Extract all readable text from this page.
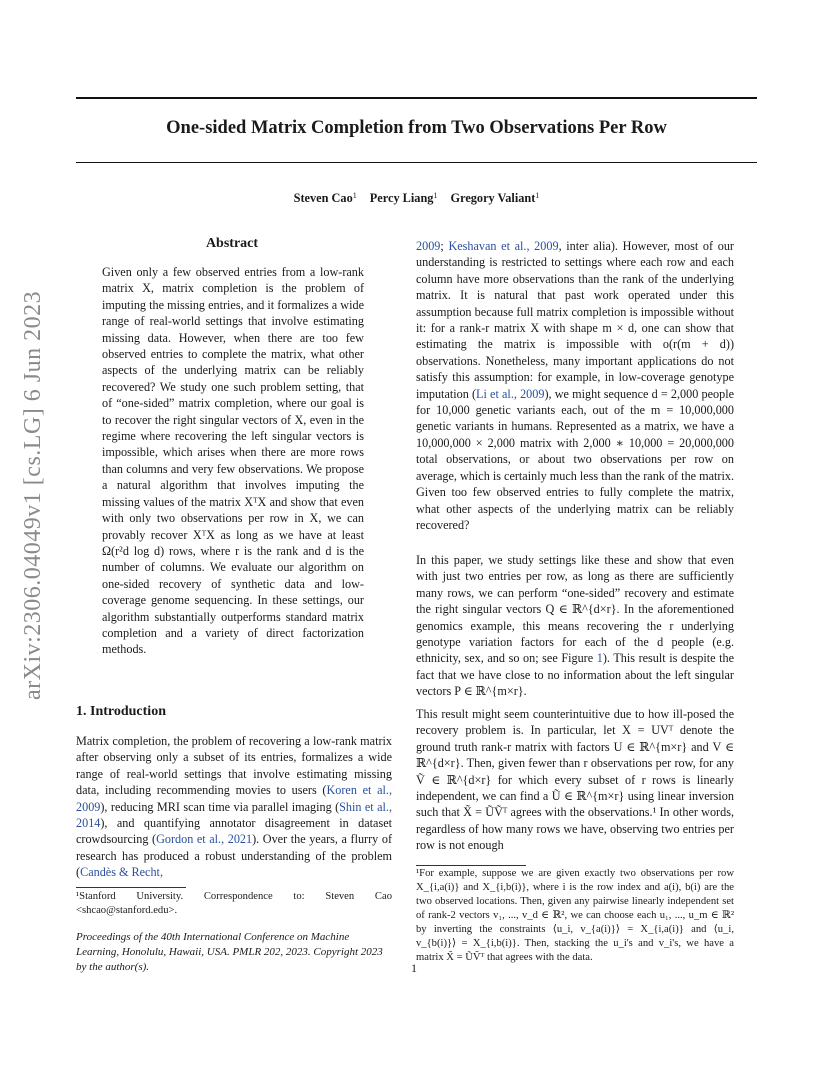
One-sided Matrix Completion from Two Observations Per Row
Steven Cao$^1$ Percy Liang$^1$ Gregory Valiant$^1$
arXiv:2306.04049v1 [cs.LG] 6 Jun 2023
Abstract

Given only a few observed entries from a low-rank matrix X, matrix completion is the problem of imputing the missing entries, and it formalizes a wide range of real-world settings that involve estimating missing data. However, when there are too few observed entries to complete the matrix, what other aspects of the underlying matrix can be reliably recovered? We study one such problem setting, that of “one-sided” matrix completion, where our goal is to recover the right singular vectors of X, even in the regime where recovering the left singular vectors is impossible, which arises when there are more rows than columns and very few observations. We propose a natural algorithm that involves imputing the missing values of the matrix XᵀX and show that even with only two observations per row in X, we can provably recover XᵀX as long as we have at least Ω(r²d log d) rows, where r is the rank and d is the number of columns. We evaluate our algorithm on one-sided recovery of synthetic data and low-coverage genome sequencing. In these settings, our algorithm substantially outperforms standard matrix completion and a variety of direct factorization methods.

1. Introduction

Matrix completion, the problem of recovering a low-rank matrix after observing only a subset of its entries, formalizes a wide range of real-world settings that involve estimating missing data, including recommending movies to users (Koren et al., 2009), reducing MRI scan time via parallel imaging (Shin et al., 2014), and quantifying annotator disagreement in dataset crowdsourcing (Gordon et al., 2021). Over the years, a flurry of research has produced a robust understanding of the problem (Candès & Recht,

¹Stanford University. Correspondence to: Steven Cao <shcao@stanford.edu>.
Proceedings of the 40th International Conference on Machine Learning, Honolulu, Hawaii, USA. PMLR 202, 2023. Copyright 2023 by the author(s).

2009; Keshavan et al., 2009, inter alia). However, most of our understanding is restricted to settings where each row and each column have more observations than the rank of the underlying matrix. It is natural that past work operated under this assumption because full matrix completion is impossible without it: for a rank-r matrix X with shape m × d, one can show that estimating the matrix is impossible with o(r(m + d)) observations. Nonetheless, many important applications do not satisfy this assumption: for example, in low-coverage genotype imputation (Li et al., 2009), we might sequence d = 2,000 people for 10,000 genetic variants each, out of the m = 10,000,000 genetic variants in humans. Represented as a matrix, we have a 10,000,000 × 2,000 matrix with 2,000 ∗ 10,000 = 20,000,000 total observations, or about two observations per row on average, which is certainly much less than the rank of the matrix. Given too few observed entries to fully complete the matrix, what other aspects of the underlying matrix can be reliably recovered?

In this paper, we study settings like these and show that even with just two entries per row, as long as there are sufficiently many rows, we can perform “one-sided” recovery and estimate the right singular vectors Q ∈ ℝ^{d×r}. In the aforementioned genomics example, this means recovering the r underlying genotype variation factors for each of the d people (e.g. ethnicity, sex, and so on; see Figure 1). This result is despite the fact that we have close to no information about the left singular vectors P ∈ ℝ^{m×r}.

This result might seem counterintuitive due to how ill-posed the recovery problem is. In particular, let X = UVᵀ denote the ground truth rank-r matrix with factors U ∈ ℝ^{m×r} and V ∈ ℝ^{d×r}. Then, given fewer than r observations per row, for any Ṽ ∈ ℝ^{d×r} for which every subset of r rows is linearly independent, we can find a Ũ ∈ ℝ^{m×r} using linear inversion such that X̃ = ŨṼᵀ agrees with the observations.¹ In other words, regardless of how many rows we have, observing two entries per row is not enough

¹For example, suppose we are given exactly two observations per row X_{i,a(i)} and X_{i,b(i)}, where i is the row index and a(i), b(i) are the two observed locations. Then, given any pairwise linearly independent set of rank-2 vectors v₁, ..., v_d ∈ ℝ², we can choose each u₁, ..., u_m ∈ ℝ² by inverting the constraints ⟨u_i, v_{a(i)}⟩ = X_{i,a(i)} and ⟨u_i, v_{b(i)}⟩ = X_{i,b(i)}. Then, stacking the u_i's and v_i's, we have a matrix X̃ = ŨṼᵀ that agrees with the data.
1
